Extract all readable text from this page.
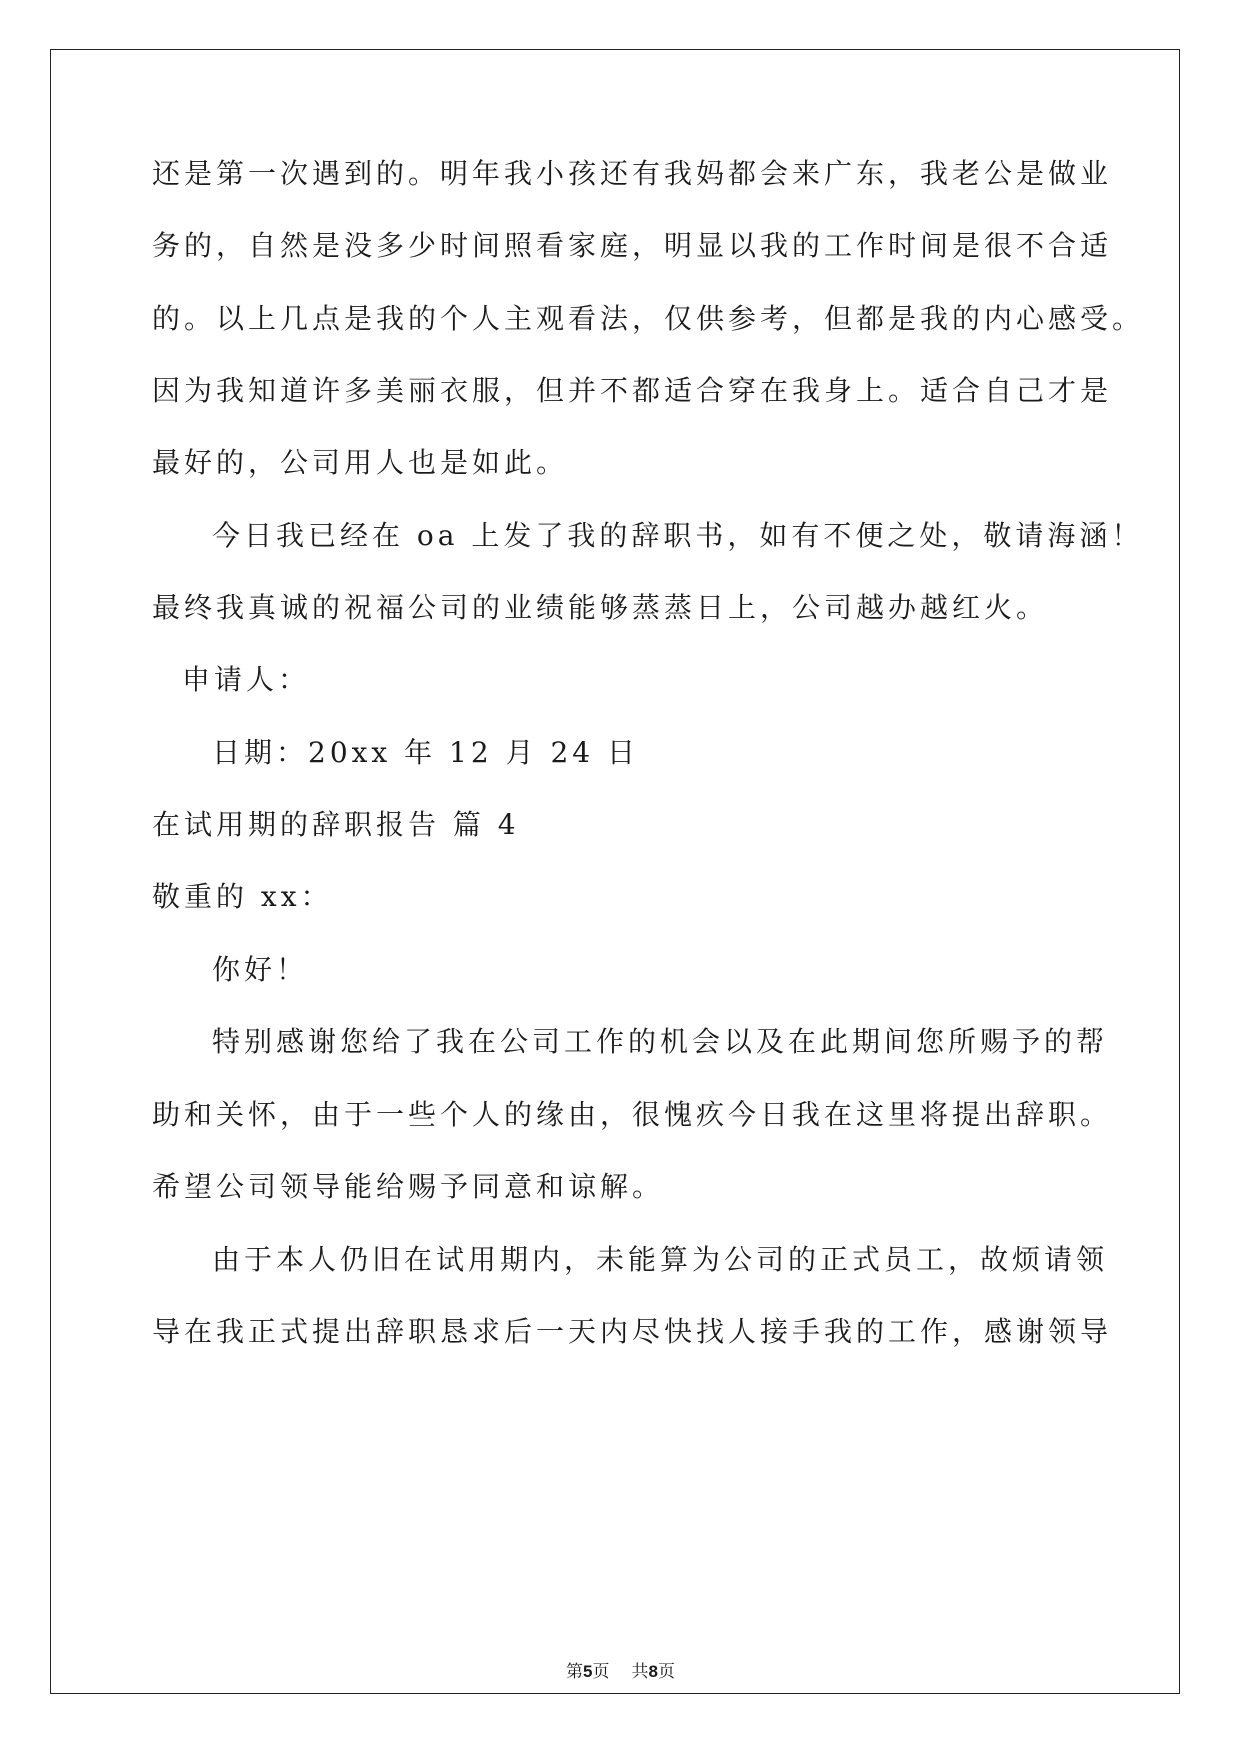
还是第一次遇到的。明年我小孩还有我妈都会来广东，我老公是做业
务的，自然是没多少时间照看家庭，明显以我的工作时间是很不合适
的。以上几点是我的个人主观看法，仅供参考，但都是我的内心感受。
因为我知道许多美丽衣服，但并不都适合穿在我身上。适合自己才是
最好的，公司用人也是如此。
今日我已经在 oa 上发了我的辞职书，如有不便之处，敬请海涵！
最终我真诚的祝福公司的业绩能够蒸蒸日上，公司越办越红火。
申请人：
日期：20xx 年 12 月 24 日
在试用期的辞职报告 篇 4
敬重的 xx：
你好！
特别感谢您给了我在公司工作的机会以及在此期间您所赐予的帮
助和关怀，由于一些个人的缘由，很愧疚今日我在这里将提出辞职。
希望公司领导能给赐予同意和谅解。
由于本人仍旧在试用期内，未能算为公司的正式员工，故烦请领
导在我正式提出辞职恳求后一天内尽快找人接手我的工作，感谢领导
第5页 共8页
